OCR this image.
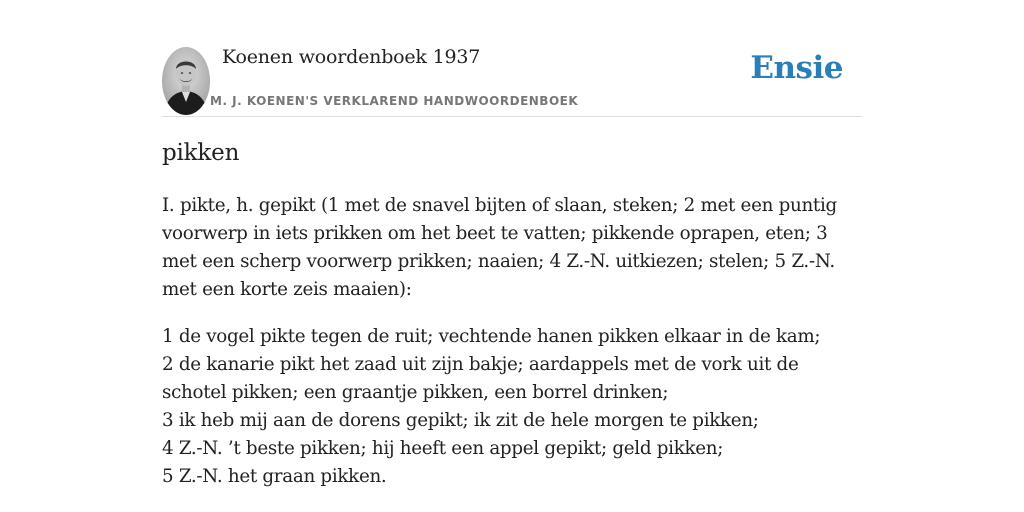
Koenen woordenboek 1937
M. J. KOENEN'S VERKLAREND HANDWOORDENBOEK
Ensie
pikken

I. pikte, h. gepikt (1 met de snavel bijten of slaan, steken; 2 met een puntig voorwerp in iets prikken om het beet te vatten; pikkende oprapen, eten; 3 met een scherp voorwerp prikken; naaien; 4 Z.-N. uitkiezen; stelen; 5 Z.-N. met een korte zeis maaien):

1 de vogel pikte tegen de ruit; vechtende hanen pikken elkaar in de kam;
2 de kanarie pikt het zaad uit zijn bakje; aardappels met de vork uit de schotel pikken; een graantje pikken, een borrel drinken;
3 ik heb mij aan de dorens gepikt; ik zit de hele morgen te pikken;
4 Z.-N. ’t beste pikken; hij heeft een appel gepikt; geld pikken;
5 Z.-N. het graan pikken.
